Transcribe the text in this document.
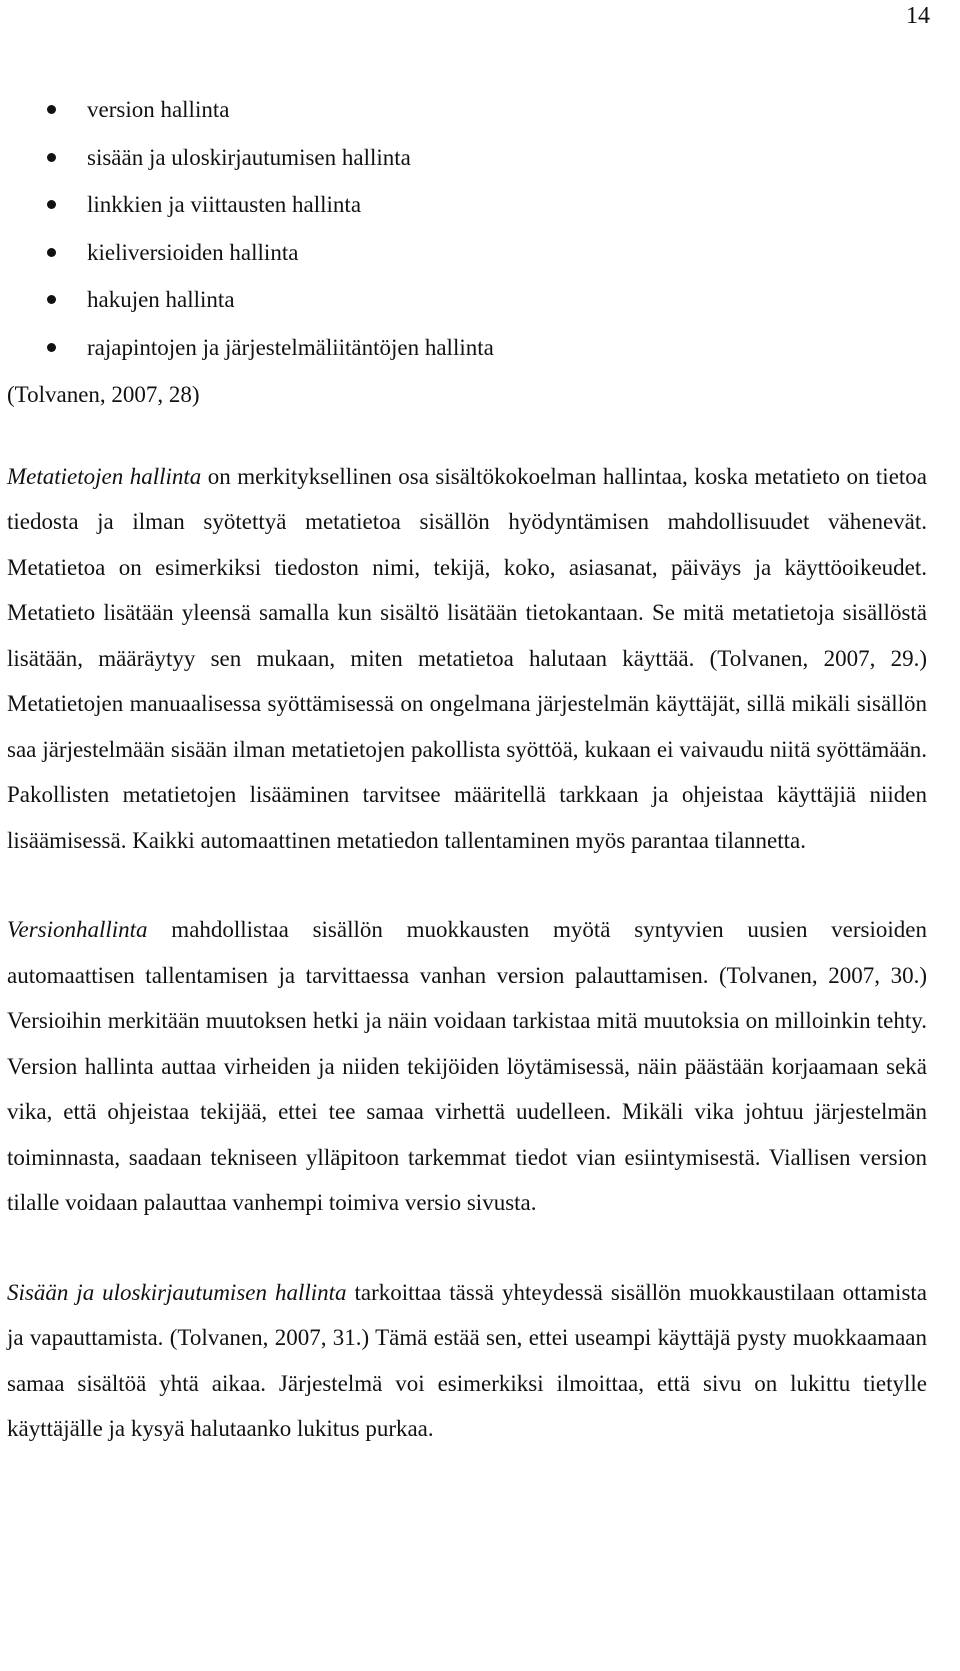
14
version hallinta
sisään ja uloskirjautumisen hallinta
linkkien ja viittausten hallinta
kieliversioiden hallinta
hakujen hallinta
rajapintojen ja järjestelmäliitäntöjen hallinta

(Tolvanen, 2007, 28)

Metatietojen hallinta on merkityksellinen osa sisältökokoelman hallintaa, koska metatieto on tietoa tiedosta ja ilman syötettyä metatietoa sisällön hyödyntämisen mahdollisuudet vähenevät. Metatietoa on esimerkiksi tiedoston nimi, tekijä, koko, asiasanat, päiväys ja käyttöoikeudet. Metatieto lisätään yleensä samalla kun sisältö lisätään tietokantaan. Se mitä metatietoja sisällöstä lisätään, määräytyy sen mukaan, miten metatietoa halutaan käyttää. (Tolvanen, 2007, 29.) Metatietojen manuaalisessa syöttämisessä on ongelmana järjestelmän käyttäjät, sillä mikäli sisällön saa järjestelmään sisään ilman metatietojen pakollista syöttöä, kukaan ei vaivaudu niitä syöttämään. Pakollisten metatietojen lisääminen tarvitsee määritellä tarkkaan ja ohjeistaa käyttäjiä niiden lisäämisessä. Kaikki automaattinen metatiedon tallentaminen myös parantaa tilannetta.

Versionhallinta mahdollistaa sisällön muokkausten myötä syntyvien uusien versioiden automaattisen tallentamisen ja tarvittaessa vanhan version palauttamisen. (Tolvanen, 2007, 30.) Versioihin merkitään muutoksen hetki ja näin voidaan tarkistaa mitä muutoksia on milloinkin tehty. Version hallinta auttaa virheiden ja niiden tekijöiden löytämisessä, näin päästään korjaamaan sekä vika, että ohjeistaa tekijää, ettei tee samaa virhettä uudelleen. Mikäli vika johtuu järjestelmän toiminnasta, saadaan tekniseen ylläpitoon tarkemmat tiedot vian esiintymisestä. Viallisen version tilalle voidaan palauttaa vanhempi toimiva versio sivusta.

Sisään ja uloskirjautumisen hallinta tarkoittaa tässä yhteydessä sisällön muokkaustilaan ottamista ja vapauttamista. (Tolvanen, 2007, 31.) Tämä estää sen, ettei useampi käyttäjä pysty muokkaamaan samaa sisältöä yhtä aikaa. Järjestelmä voi esimerkiksi ilmoittaa, että sivu on lukittu tietylle käyttäjälle ja kysyä halutaanko lukitus purkaa.
